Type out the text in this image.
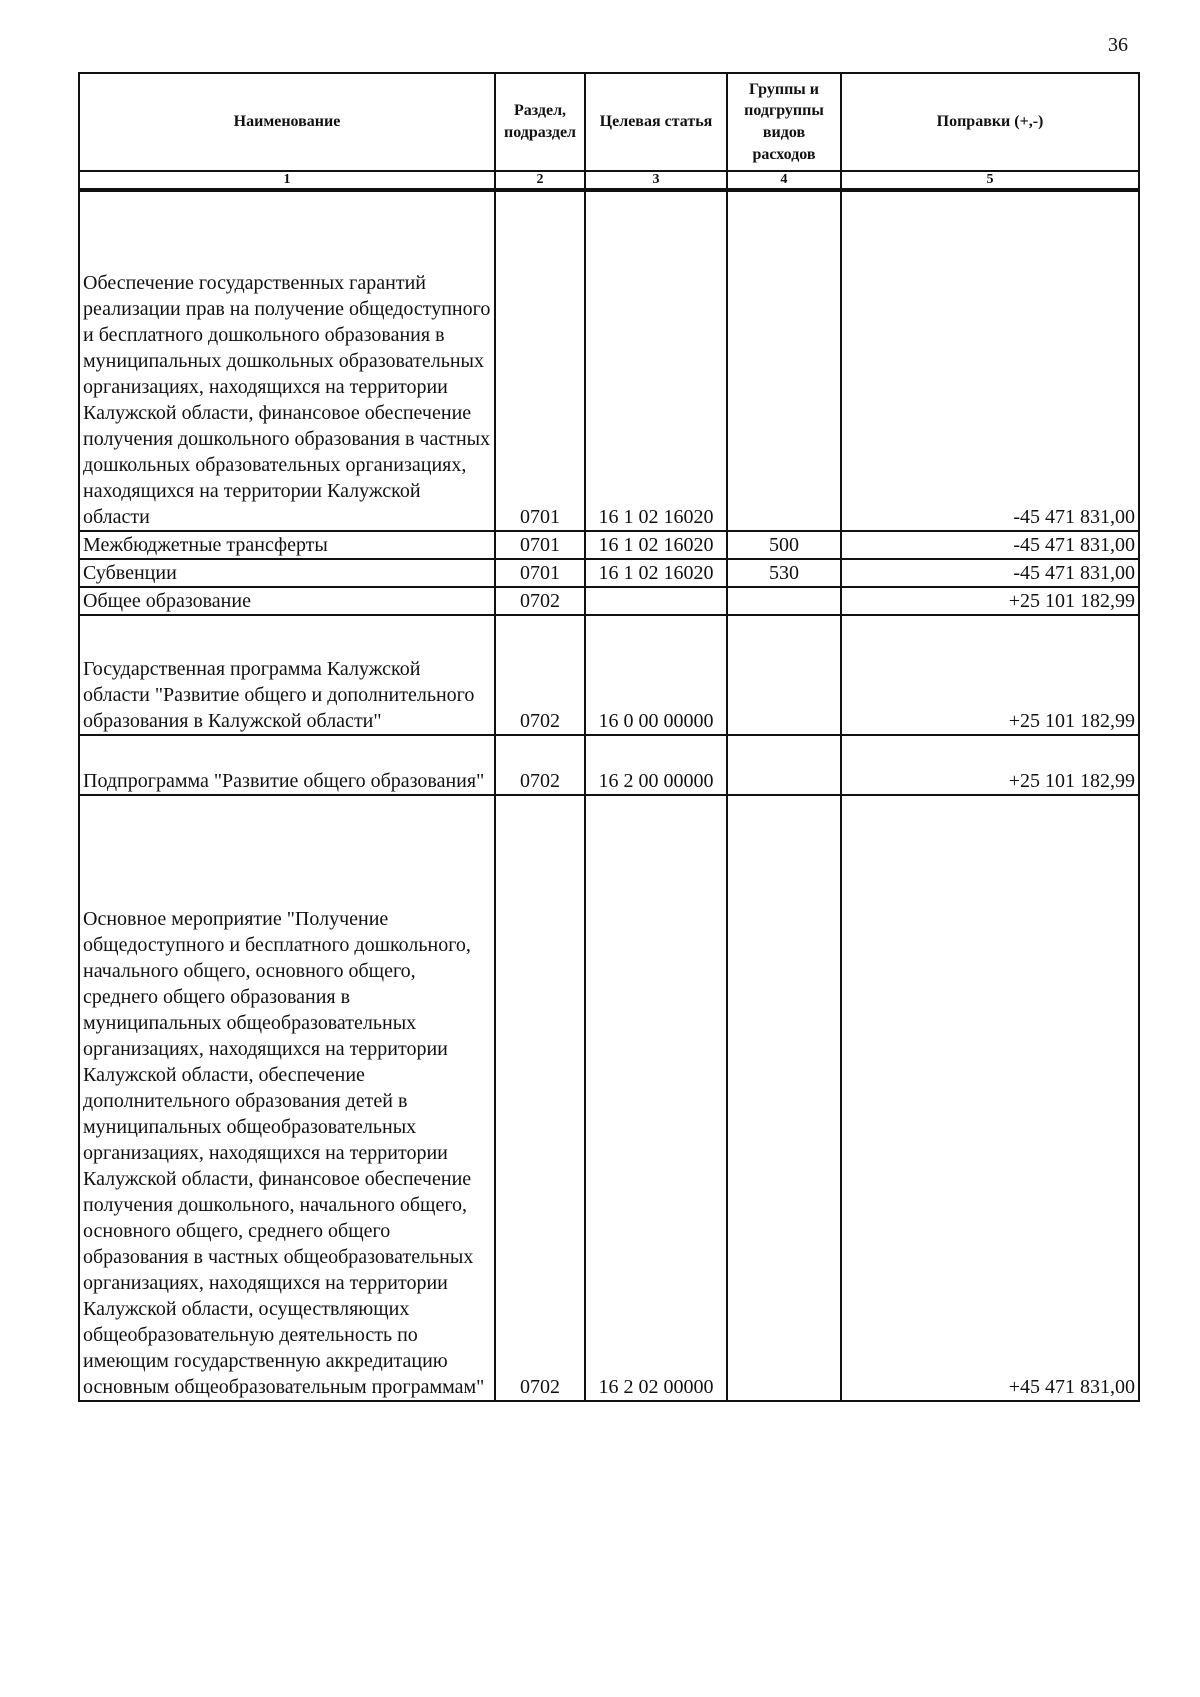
36
Наименование	Раздел, подраздел	Целевая статья	Группы и подгруппы видов расходов	Поправки (+,-)
1	2	3	4	5
Обеспечение государственных гарантий реализации прав на получение общедоступного и бесплатного дошкольного образования в муниципальных дошкольных образовательных организациях, находящихся на территории Калужской области, финансовое обеспечение получения дошкольного образования в частных дошкольных образовательных организациях, находящихся на территории Калужской области	0701	16 1 02 16020		-45 471 831,00
Межбюджетные трансферты	0701	16 1 02 16020	500	-45 471 831,00
Субвенции	0701	16 1 02 16020	530	-45 471 831,00
Общее образование	0702			+25 101 182,99
Государственная программа Калужской области "Развитие общего и дополнительного образования в Калужской области"	0702	16 0 00 00000		+25 101 182,99
Подпрограмма "Развитие общего образования"	0702	16 2 00 00000		+25 101 182,99
Основное мероприятие "Получение общедоступного и бесплатного дошкольного, начального общего, основного общего, среднего общего образования в муниципальных общеобразовательных организациях, находящихся на территории Калужской области, обеспечение дополнительного образования детей в муниципальных общеобразовательных организациях, находящихся на территории Калужской области, финансовое обеспечение получения дошкольного, начального общего, основного общего, среднего общего образования в частных общеобразовательных организациях, находящихся на территории Калужской области, осуществляющих общеобразовательную деятельность по имеющим государственную аккредитацию основным общеобразовательным программам"	0702	16 2 02 00000		+45 471 831,00
